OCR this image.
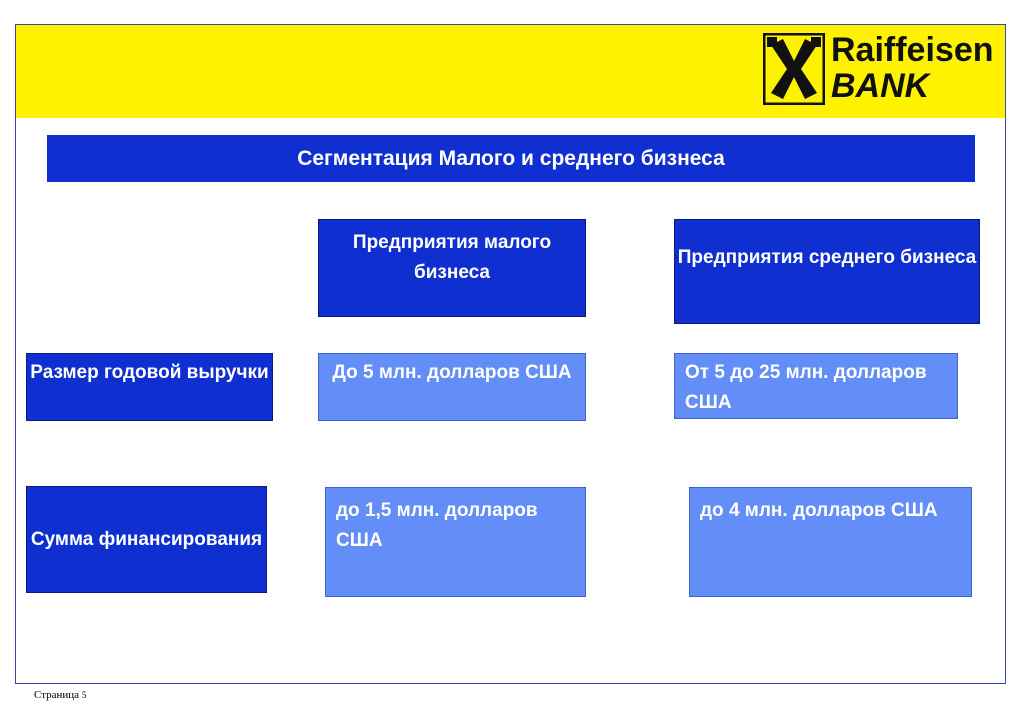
Raiffeisen
BANK
Сегментация Малого и среднего бизнеса
Предприятия малого бизнеса
Предприятия среднего бизнеса
Размер годовой выручки	До 5 млн. долларов США	От 5 до 25 млн. долларов США
Сумма финансирования
до 1,5 млн. долларов США
до 4 млн. долларов США
Страница 5
